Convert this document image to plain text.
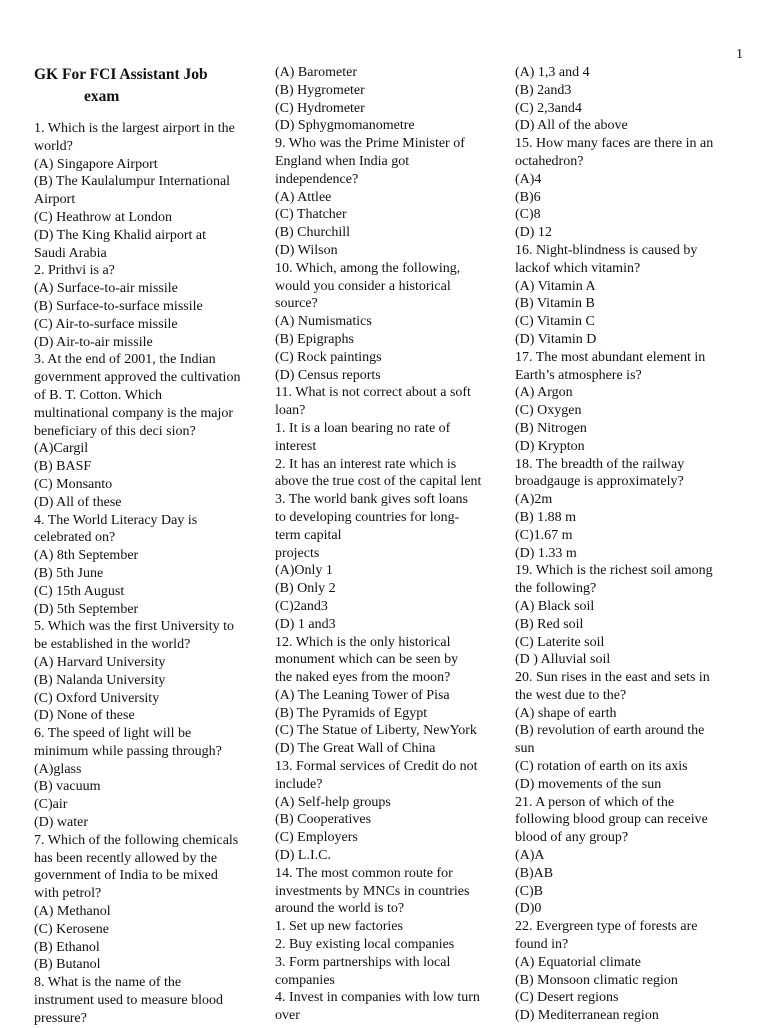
1
GK For FCI Assistant Job
exam
1. Which is the largest airport in the
world?
(A) Singapore Airport
(B) The Kaulalumpur International
Airport
(C) Heathrow at London
(D) The King Khalid airport at
Saudi Arabia
2. Prithvi is a?
(A) Surface-to-air missile
(B) Surface-to-surface missile
(C) Air-to-surface missile
(D) Air-to-air missile
3. At the end of 2001, the Indian
government approved the cultivation
of B. T. Cotton. Which
multinational company is the major
beneficiary of this deci sion?
(A)Cargil
(B) BASF
(C) Monsanto
(D) All of these
4. The World Literacy Day is
celebrated on?
(A) 8th September
(B) 5th June
(C) 15th August
(D) 5th September
5. Which was the first University to
be established in the world?
(A) Harvard University
(B) Nalanda University
(C) Oxford University
(D) None of these
6. The speed of light will be
minimum while passing through?
(A)glass
(B) vacuum
(C)air
(D) water
7. Which of the following chemicals
has been recently allowed by the
government of India to be mixed
with petrol?
(A) Methanol
(C) Kerosene
(B) Ethanol
(B) Butanol
8. What is the name of the
instrument used to measure blood
pressure?
(A) Barometer
(B) Hygrometer
(C) Hydrometer
(D) Sphygmomanometre
9. Who was the Prime Minister of
England when India got
independence?
(A) Attlee
(C) Thatcher
(B) Churchill
(D) Wilson
10. Which, among the following,
would you consider a historical
source?
(A) Numismatics
(B) Epigraphs
(C) Rock paintings
(D) Census reports
11. What is not correct about a soft
loan?
1. It is a loan bearing no rate of
interest
2. It has an interest rate which is
above the true cost of the capital lent
3. The world bank gives soft loans
to developing countries for long-
term capital
projects
(A)Only 1
(B) Only 2
(C)2and3
(D) 1 and3
12. Which is the only historical
monument which can be seen by
the naked eyes from the moon?
(A) The Leaning Tower of Pisa
(B) The Pyramids of Egypt
(C) The Statue of Liberty, NewYork
(D) The Great Wall of China
13. Formal services of Credit do not
include?
(A) Self-help groups
(B) Cooperatives
(C) Employers
(D) L.I.C.
14. The most common route for
investments by MNCs in countries
around the world is to?
1. Set up new factories
2. Buy existing local companies
3. Form partnerships with local
companies
4. Invest in companies with low turn
over
(A) 1,3 and 4
(B) 2and3
(C) 2,3and4
(D) All of the above
15. How many faces are there in an
octahedron?
(A)4
(B)6
(C)8
(D) 12
16. Night-blindness is caused by
lackof which vitamin?
(A) Vitamin A
(B) Vitamin B
(C) Vitamin C
(D) Vitamin D
17. The most abundant element in
Earth’s atmosphere is?
(A) Argon
(C) Oxygen
(B) Nitrogen
(D) Krypton
18. The breadth of the railway
broadgauge is approximately?
(A)2m
(B) 1.88 m
(C)1.67 m
(D) 1.33 m
19. Which is the richest soil among
the following?
(A) Black soil
(B) Red soil
(C) Laterite soil
(D ) Alluvial soil
20. Sun rises in the east and sets in
the west due to the?
(A) shape of earth
(B) revolution of earth around the
sun
(C) rotation of earth on its axis
(D) movements of the sun
21. A person of which of the
following blood group can receive
blood of any group?
(A)A
(B)AB
(C)B
(D)0
22. Evergreen type of forests are
found in?
(A) Equatorial climate
(B) Monsoon climatic region
(C) Desert regions
(D) Mediterranean region
